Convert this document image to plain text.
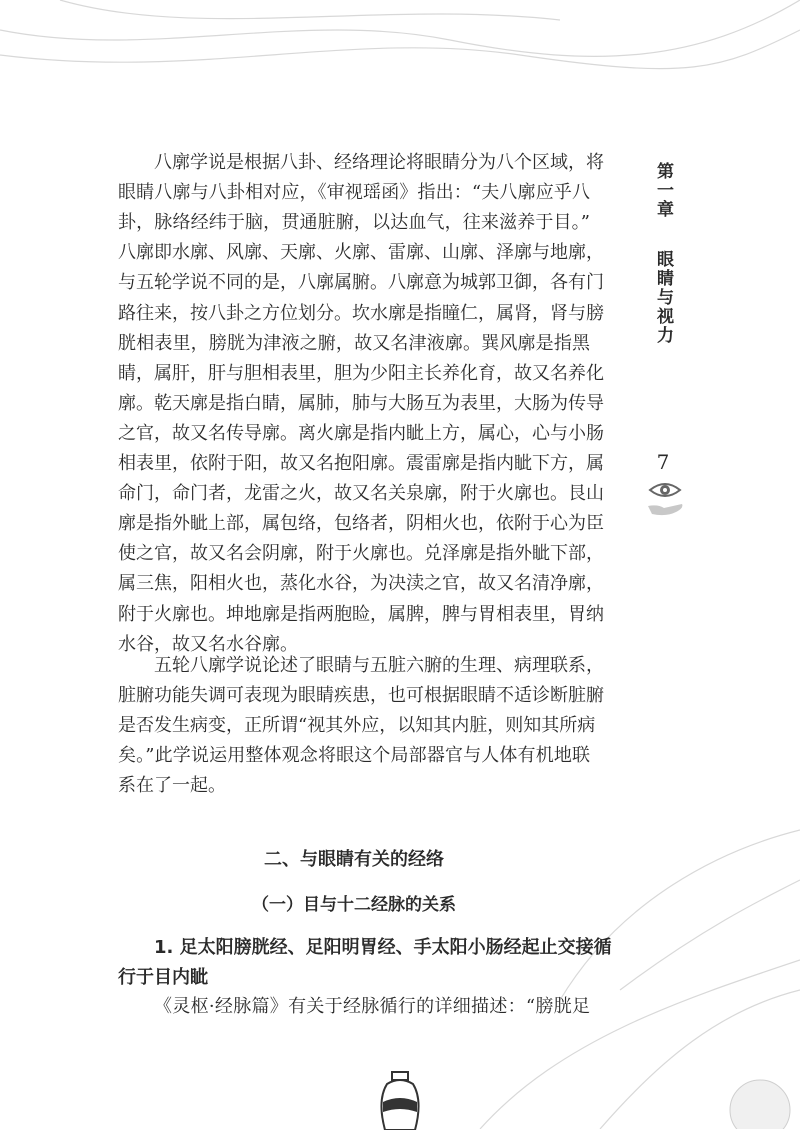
第一章
眼睛与视力
7
八廓学说是根据八卦、经络理论将眼睛分为八个区域，将
眼睛八廓与八卦相对应，《审视瑶函》指出：“夫八廓应乎八
卦，脉络经纬于脑，贯通脏腑，以达血气，往来滋养于目。”
八廓即水廓、风廓、天廓、火廓、雷廓、山廓、泽廓与地廓，
与五轮学说不同的是，八廓属腑。八廓意为城郭卫御，各有门
路往来，按八卦之方位划分。坎水廓是指瞳仁，属肾，肾与膀
胱相表里，膀胱为津液之腑，故又名津液廓。巽风廓是指黑
睛，属肝，肝与胆相表里，胆为少阳主长养化育，故又名养化
廓。乾天廓是指白睛，属肺，肺与大肠互为表里，大肠为传导
之官，故又名传导廓。离火廓是指内眦上方，属心，心与小肠
相表里，依附于阳，故又名抱阳廓。震雷廓是指内眦下方，属
命门，命门者，龙雷之火，故又名关泉廓，附于火廓也。艮山
廓是指外眦上部，属包络，包络者，阴相火也，依附于心为臣
使之官，故又名会阴廓，附于火廓也。兑泽廓是指外眦下部，
属三焦，阳相火也，蒸化水谷，为决渎之官，故又名清净廓，
附于火廓也。坤地廓是指两胞睑，属脾，脾与胃相表里，胃纳
水谷，故又名水谷廓。
五轮八廓学说论述了眼睛与五脏六腑的生理、病理联系，
脏腑功能失调可表现为眼睛疾患，也可根据眼睛不适诊断脏腑
是否发生病变，正所谓“视其外应，以知其内脏，则知其所病
矣。”此学说运用整体观念将眼这个局部器官与人体有机地联
系在了一起。
1. 足太阳膀胱经、足阳明胃经、手太阳小肠经起止交接循
行于目内眦
《灵枢·经脉篇》有关于经脉循行的详细描述：“膀胱足
二、与眼睛有关的经络
（一）目与十二经脉的关系
